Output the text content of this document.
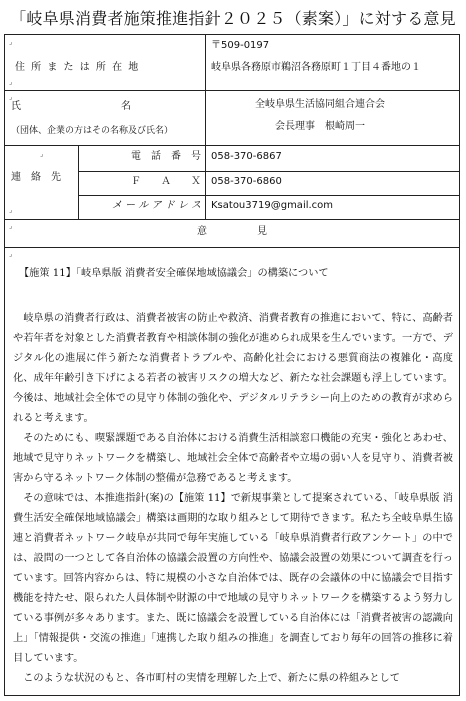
「岐阜県消費者施策推進指針２０２５（素案）」に対する意見
⌟
⌟
⌟
⌟
⌟
⌟
⌟
住 所 ま た は 所 在 地
〒509-0197
岐阜県各務原市鵜沼各務原町１丁目４番地の１
氏　　　　　　　　　　名
（団体、企業の方はその名称及び氏名）
全岐阜県生活協同組合連合会
会長理事　根崎周一
連　絡　先
電　話　番　号 058-370-6867
Ｆ　　Ａ　　Ｘ 058-370-6860
メ ー ル ア ド レ ス Ksatou3719@gmail.com
意　　　　　見
【施策 11】「岐阜県版 消費者安全確保地域協議会」の構築について

岐阜県の消費者行政は、消費者被害の防止や救済、消費者教育の推進において、特に、高齢者や若年者を対象とした消費者教育や相談体制の強化が進められ成果を生んでいます。一方で、デジタル化の進展に伴う新たな消費者トラブルや、高齢化社会における悪質商法の複雑化・高度化、成年年齢引き下げによる若者の被害リスクの増大など、新たな社会課題も浮上しています。今後は、地域社会全体での見守り体制の強化や、デジタルリテラシー向上のための教育が求められると考えます。

そのためにも、喫緊課題である自治体における消費生活相談窓口機能の充実・強化とあわせ、地域で見守りネットワークを構築し、地域社会全体で高齢者や立場の弱い人を見守り、消費者被害から守るネットワーク体制の整備が急務であると考えます。

その意味では、本推進指針(案)の【施策 11】で新規事業として提案されている、「岐阜県版 消費生活安全確保地域協議会」構築は画期的な取り組みとして期待できます。私たち全岐阜県生協連と消費者ネットワーク岐阜が共同で毎年実施している「岐阜県消費者行政アンケート」の中では、設問の一つとして各自治体の協議会設置の方向性や、協議会設置の効果について調査を行っています。回答内容からは、特に規模の小さな自治体では、既存の会議体の中に協議会で目指す機能を持たせ、限られた人員体制や財源の中で地域の見守りネットワークを構築するよう努力している事例が多々あります。また、既に協議会を設置している自治体には「消費者被害の認識向上」「情報提供・交流の推進」「連携した取り組みの推進」を調査しており毎年の回答の推移に着目しています。

このような状況のもと、各市町村の実情を理解した上で、新たに県の枠組みとして
